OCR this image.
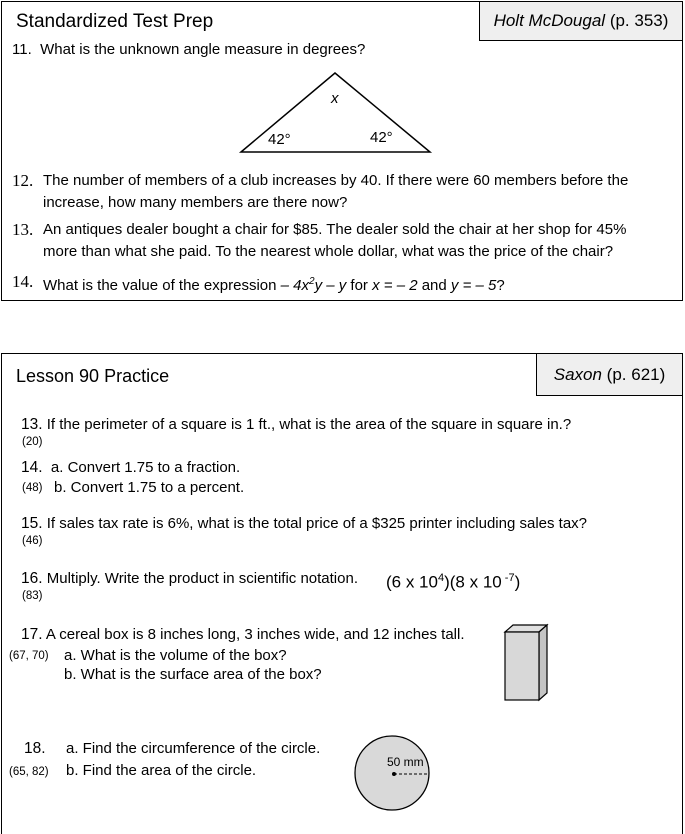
Standardized Test Prep	Holt McDougal
(p. 353)
11. What is the unknown angle measure in degrees?
x
42°	42°
12. The number of members of a club increases by 40. If there were 60 members before the
increase, how many members are there now?
13. An antiques dealer bought a chair for $85. The dealer sold the chair at her shop for 45%
more than what she paid. To the nearest whole dollar, what was the price of the chair?
14. What is the value of the expression – $4x^2y$ – y for x = – 2 and y = – 5?
Lesson 90 Practice	Saxon
(p. 621)
13. If the perimeter of a square is 1 ft., what is the area of the square in square in.?
(20)
14. a. Convert 1.75 to a fraction.
(48) b. Convert 1.75 to a percent.
15. If sales tax rate is 6%, what is the total price of a $325 printer including sales tax?
(46)
16. Multiply. Write the product in scientific notation. (6 x $10^4)(8$ x 10 $^{-7}$)
(83)
17. A cereal box is 8 inches long, 3 inches wide, and 12 inches tall.
(67, 70) a. What is the volume of the box?
b. What is the surface area of the box?
18. a. Find the circumference of the circle.
(65, 82) b. Find the area of the circle.	50 mm
